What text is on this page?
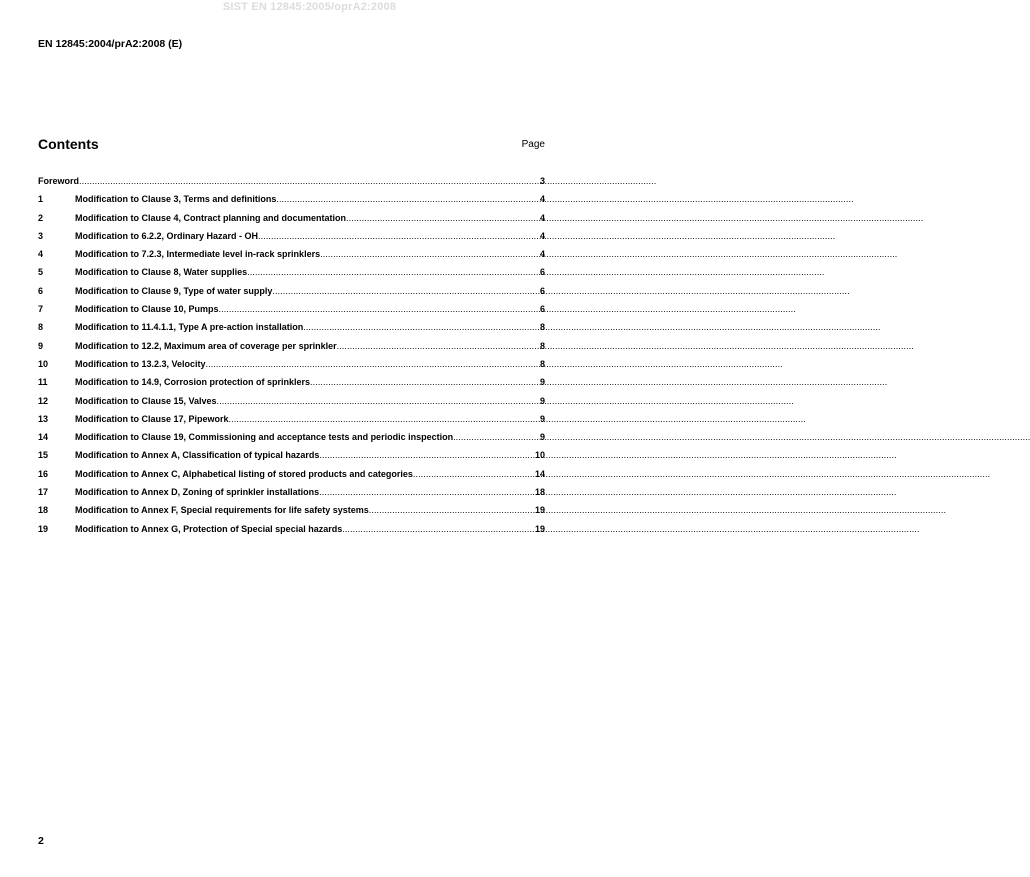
SIST EN 12845:2005/oprA2:2008
EN 12845:2004/prA2:2008 (E)
Contents	Page
Foreword .....	3
1	Modification to Clause 3, Terms and definitions .....	4
2	Modification to Clause 4, Contract planning and documentation .....	4
3	Modification to 6.2.2, Ordinary Hazard - OH .....	4
4	Modification to 7.2.3, Intermediate level in-rack sprinklers .....	4
5	Modification to Clause 8, Water supplies .....	6
6	Modification to Clause 9, Type of water supply .....	6
7	Modification to Clause 10, Pumps .....	6
8	Modification to 11.4.1.1, Type A pre-action installation .....	8
9	Modification to 12.2, Maximum area of coverage per sprinkler .....	8
10	Modification to 13.2.3, Velocity .....	8
11	Modification to 14.9, Corrosion protection of sprinklers .....	9
12	Modification to Clause 15, Valves .....	9
13	Modification to Clause 17, Pipework .....	9
14	Modification to Clause 19, Commissioning and acceptance tests and periodic inspection .....	9
15	Modification to Annex A, Classification of typical hazards .....	10
16	Modification to Annex C, Alphabetical listing of stored products and categories .....	14
17	Modification to Annex D, Zoning of sprinkler installations .....	18
18	Modification to Annex F, Special requirements for life safety systems .....	19
19	Modification to Annex G, Protection of Special special hazards .....	19
2
